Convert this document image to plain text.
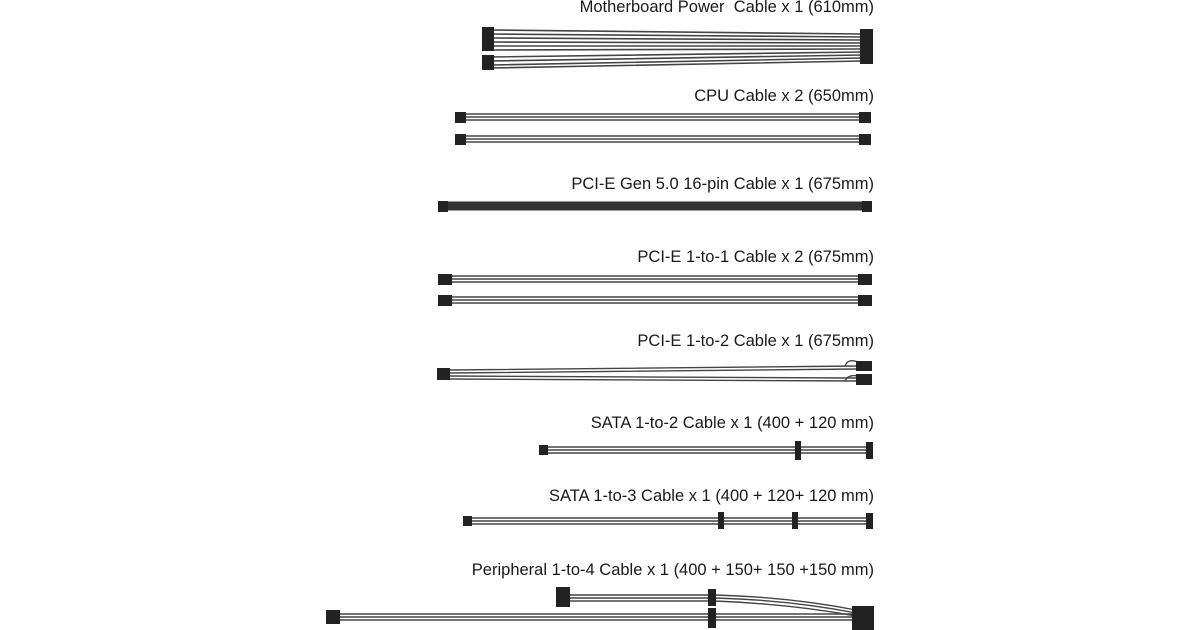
Motherboard Power  Cable x 1 (610mm)
CPU Cable x 2 (650mm)
PCI-E Gen 5.0 16-pin Cable x 1 (675mm)
PCI-E 1-to-1 Cable x 2 (675mm)
PCI-E 1-to-2 Cable x 1 (675mm)
SATA 1-to-2 Cable x 1 (400 + 120 mm)
SATA 1-to-3 Cable x 1 (400 + 120+ 120 mm)
Peripheral 1-to-4 Cable x 1 (400 + 150+ 150 +150 mm)
